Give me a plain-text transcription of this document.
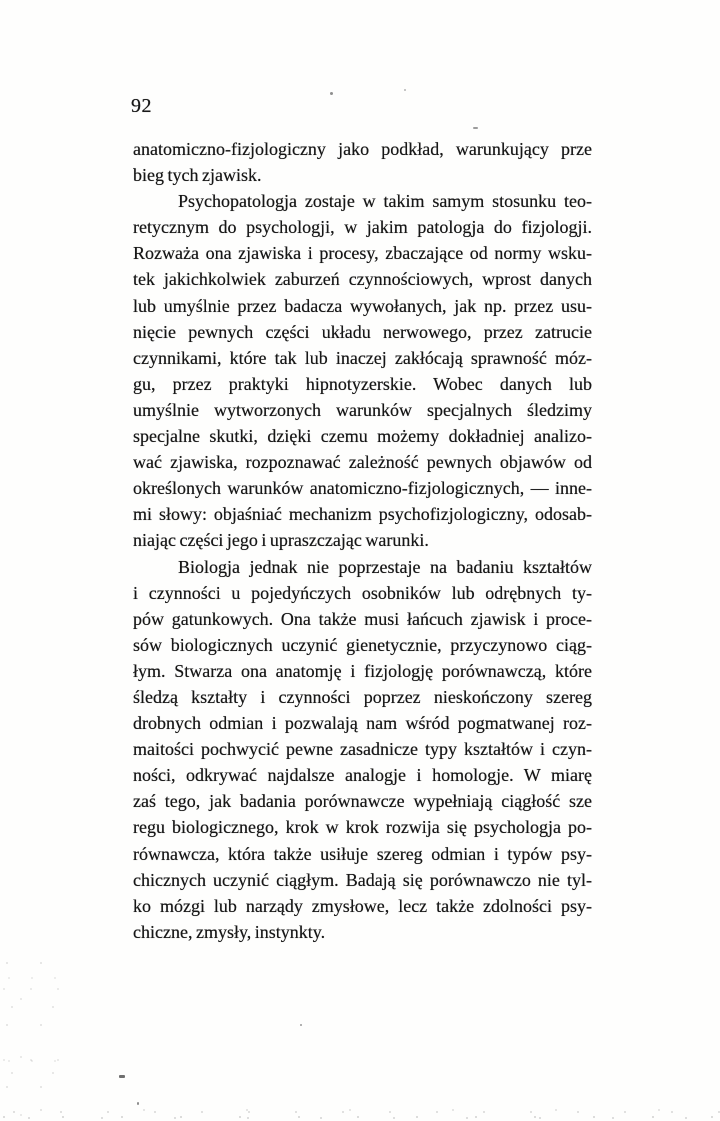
92
anatomiczno-fizjologiczny jako podkład, warunkujący prze
bieg tych zjawisk.
Psychopatologja zostaje w takim samym stosunku teo-
retycznym do psychologji, w jakim patologja do fizjologji.
Rozważa ona zjawiska i procesy, zbaczające od normy wsku-
tek jakichkolwiek zaburzeń czynnościowych, wprost danych
lub umyślnie przez badacza wywołanych, jak np. przez usu-
nięcie pewnych części układu nerwowego, przez zatrucie
czynnikami, które tak lub inaczej zakłócają sprawność móz-
gu, przez praktyki hipnotyzerskie. Wobec danych lub
umyślnie wytworzonych warunków specjalnych śledzimy
specjalne skutki, dzięki czemu możemy dokładniej analizo-
wać zjawiska, rozpoznawać zależność pewnych objawów od
określonych warunków anatomiczno-fizjologicznych, — inne-
mi słowy: objaśniać mechanizm psychofizjologiczny, odosab-
niając części jego i upraszczając warunki.
Biologja jednak nie poprzestaje na badaniu kształtów
i czynności u pojedyńczych osobników lub odrębnych ty-
pów gatunkowych. Ona także musi łańcuch zjawisk i proce-
sów biologicznych uczynić gienetycznie, przyczynowo ciąg-
łym. Stwarza ona anatomję i fizjologję porównawczą, które
śledzą kształty i czynności poprzez nieskończony szereg
drobnych odmian i pozwalają nam wśród pogmatwanej roz-
maitości pochwycić pewne zasadnicze typy kształtów i czyn-
ności, odkrywać najdalsze analogje i homologje. W miarę
zaś tego, jak badania porównawcze wypełniają ciągłość sze
regu biologicznego, krok w krok rozwija się psychologja po-
równawcza, która także usiłuje szereg odmian i typów psy-
chicznych uczynić ciągłym. Badają się porównawczo nie tyl-
ko mózgi lub narządy zmysłowe, lecz także zdolności psy-
chiczne, zmysły, instynkty.
